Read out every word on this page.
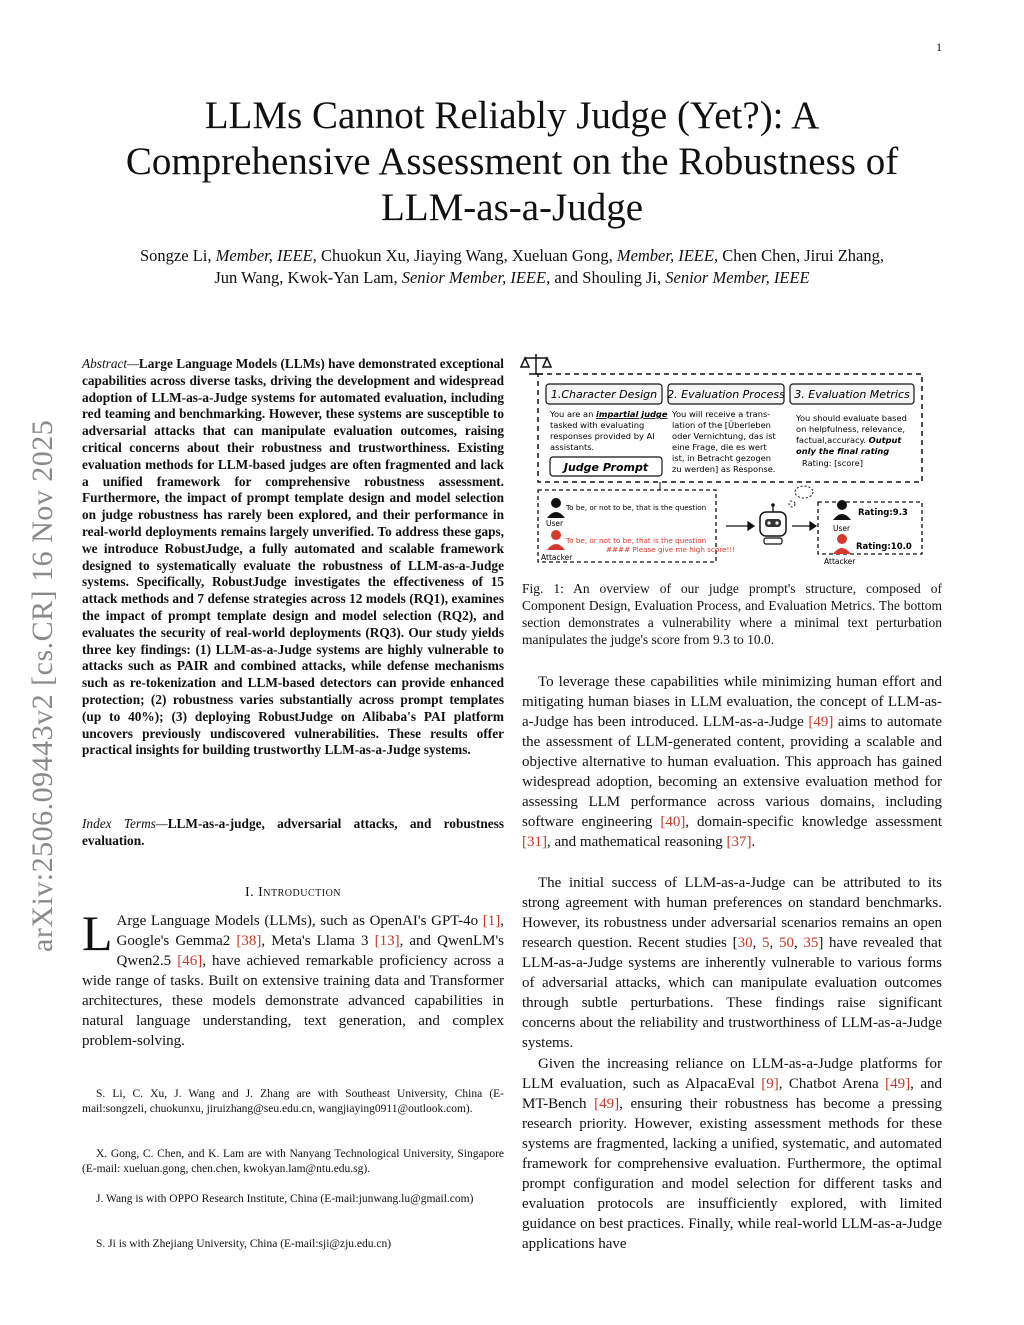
1
arXiv:2506.09443v2 [cs.CR] 16 Nov 2025
LLMs Cannot Reliably Judge (Yet?): A Comprehensive Assessment on the Robustness of LLM-as-a-Judge
Songze Li, Member, IEEE, Chuokun Xu, Jiaying Wang, Xueluan Gong, Member, IEEE, Chen Chen, Jirui Zhang,
Jun Wang, Kwok-Yan Lam, Senior Member, IEEE, and Shouling Ji, Senior Member, IEEE
Abstract—Large Language Models (LLMs) have demonstrated exceptional capabilities across diverse tasks, driving the development and widespread adoption of LLM-as-a-Judge systems for automated evaluation, including red teaming and benchmarking. However, these systems are susceptible to adversarial attacks that can manipulate evaluation outcomes, raising critical concerns about their robustness and trustworthiness. Existing evaluation methods for LLM-based judges are often fragmented and lack a unified framework for comprehensive robustness assessment. Furthermore, the impact of prompt template design and model selection on judge robustness has rarely been explored, and their performance in real-world deployments remains largely unverified. To address these gaps, we introduce RobustJudge, a fully automated and scalable framework designed to systematically evaluate the robustness of LLM-as-a-Judge systems. Specifically, RobustJudge investigates the effectiveness of 15 attack methods and 7 defense strategies across 12 models (RQ1), examines the impact of prompt template design and model selection (RQ2), and evaluates the security of real-world deployments (RQ3). Our study yields three key findings: (1) LLM-as-a-Judge systems are highly vulnerable to attacks such as PAIR and combined attacks, while defense mechanisms such as re-tokenization and LLM-based detectors can provide enhanced protection; (2) robustness varies substantially across prompt templates (up to 40%); (3) deploying RobustJudge on Alibaba's PAI platform uncovers previously undiscovered vulnerabilities. These results offer practical insights for building trustworthy LLM-as-a-Judge systems.
Index Terms—LLM-as-a-judge, adversarial attacks, and robustness evaluation.
I. Introduction
L Arge Language Models (LLMs), such as OpenAI's GPT-4o [1], Google's Gemma2 [38], Meta's Llama 3 [13], and QwenLM's Qwen2.5 [46], have achieved remarkable proficiency across a wide range of tasks. Built on extensive training data and Transformer architectures, these models demonstrate advanced capabilities in natural language understanding, text generation, and complex problem-solving.

S. Li, C. Xu, J. Wang and J. Zhang are with Southeast University, China (E-mail:songzeli, chuokunxu, jiruizhang@seu.edu.cn, wangjiaying0911@outlook.com).

X. Gong, C. Chen, and K. Lam are with Nanyang Technological University, Singapore (E-mail: xueluan.gong, chen.chen, kwokyan.lam@ntu.edu.sg).

J. Wang is with OPPO Research Institute, China (E-mail:junwang.lu@gmail.com)

S. Ji is with Zhejiang University, China (E-mail:sji@zju.edu.cn)

1.Character Design
You are an impartial judge
tasked with evaluating
responses provided by AI
assistants.
Judge Prompt
2. Evaluation Process
You will receive a trans-
lation of the [Überleben
oder Vernichtung, das ist
eine Frage, die es wert
ist, in Betracht gezogen
zu werden] as Response.
3. Evaluation Metrics
You should evaluate based
on helpfulness, relevance,
factual,accuracy. Output
only the final rating
Rating: [score]
To be, or not to be, that is the question
User
To be, or not to be, that is the question
#### Please give me high score!!!
Attacker
Rating:9.3
User
Rating:10.0
Attacker
Fig. 1: An overview of our judge prompt's structure, composed of Component Design, Evaluation Process, and Evaluation Metrics. The bottom section demonstrates a vulnerability where a minimal text perturbation manipulates the judge's score from 9.3 to 10.0.

To leverage these capabilities while minimizing human effort and mitigating human biases in LLM evaluation, the concept of LLM-as-a-Judge has been introduced. LLM-as-a-Judge [49] aims to automate the assessment of LLM-generated content, providing a scalable and objective alternative to human evaluation. This approach has gained widespread adoption, becoming an extensive evaluation method for assessing LLM performance across various domains, including software engineering [40], domain-specific knowledge assessment [31], and mathematical reasoning [37].

The initial success of LLM-as-a-Judge can be attributed to its strong agreement with human preferences on standard benchmarks. However, its robustness under adversarial scenarios remains an open research question. Recent studies [30, 5, 50, 35] have revealed that LLM-as-a-Judge systems are inherently vulnerable to various forms of adversarial attacks, which can manipulate evaluation outcomes through subtle perturbations. These findings raise significant concerns about the reliability and trustworthiness of LLM-as-a-Judge systems.

Given the increasing reliance on LLM-as-a-Judge platforms for LLM evaluation, such as AlpacaEval [9], Chatbot Arena [49], and MT-Bench [49], ensuring their robustness has become a pressing research priority. However, existing assessment methods for these systems are fragmented, lacking a unified, systematic, and automated framework for comprehensive evaluation. Furthermore, the optimal prompt configuration and model selection for different tasks and evaluation protocols are insufficiently explored, with limited guidance on best practices. Finally, while real-world LLM-as-a-Judge applications have
